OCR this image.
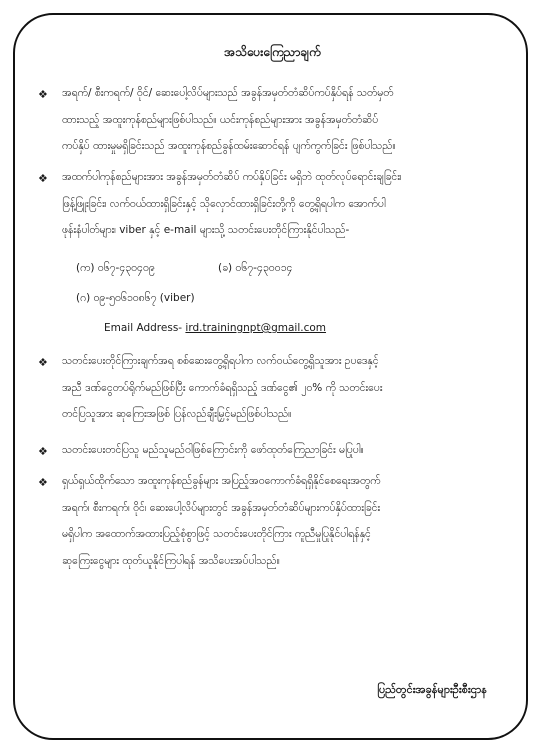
အသိပေးကြေညာချက်
❖ အရက်/ စီးကရက်/ ဝိုင်/ ဆေးပေါ့လိပ်များသည် အခွန်အမှတ်တံဆိပ်ကပ်နှိပ်ရန် သတ်မှတ်
ထားသည့် အထူးကုန်စည်များဖြစ်ပါသည်။ ယင်းကုန်စည်များအား အခွန်အမှတ်တံဆိပ်
ကပ်နှိပ် ထားမှုမရှိခြင်းသည် အထူးကုန်စည်ခွန်ထမ်းဆောင်ရန် ပျက်ကွက်ခြင်း ဖြစ်ပါသည်။
❖ အထက်ပါကုန်စည်များအား အခွန်အမှတ်တံဆိပ် ကပ်နှိပ်ခြင်း မရှိဘဲ ထုတ်လုပ်ရောင်းချခြင်း၊
ဖြန့်ဖြူးခြင်း၊ လက်ဝယ်ထားရှိခြင်းနှင့် သိုလှောင်ထားရှိခြင်းတို့ကို တွေ့ရှိရပါက အောက်ပါ
ဖုန်းနံပါတ်များ၊ viber နှင့် e-mail များသို့ သတင်းပေးတိုင်ကြားနိုင်ပါသည်-
(က) ၀၆၇-၄၃၀၄၀၉	(ခ) ၀၆၇-၄၃၀၀၁၄
(ဂ) ၀၉-၅၀၆၁၀၈၆၇ (viber)
Email Address- ird.trainingnpt@gmail.com
❖ သတင်းပေးတိုင်ကြားချက်အရ စစ်ဆေးတွေ့ရှိရပါက လက်ဝယ်တွေ့ရှိသူအား ဥပဒေနှင့်
အညီ ဒဏ်ငွေတပ်ရိုက်မည်ဖြစ်ပြီး ကောက်ခံရရှိသည့် ဒဏ်ငွေ၏ ၂၀% ကို သတင်းပေး
တင်ပြသူအား ဆုကြေးအဖြစ် ပြန်လည်ချီးမြှင့်မည်ဖြစ်ပါသည်။
❖ သတင်းပေးတင်ပြသူ မည်သူမည်ဝါဖြစ်ကြောင်းကို ဖော်ထုတ်ကြေညာခြင်း မပြုပါ။
❖ ရှယ်ရှယ်ထိုက်သော အထူးကုန်စည်ခွန်များ အပြည့်အဝကောက်ခံရရှိနိုင်စေရေးအတွက်
အရက်၊ စီးကရက်၊ ဝိုင်၊ ဆေးပေါ့လိပ်များတွင် အခွန်အမှတ်တံဆိပ်များကပ်နှိပ်ထားခြင်း
မရှိပါက အထောက်အထားပြည့်စုံစွာဖြင့် သတင်းပေးတိုင်ကြား ကူညီမှုပြုနိုင်ပါရန်နှင့်
ဆုကြေးငွေများ ထုတ်ယူနိုင်ကြပါရန် အသိပေးအပ်ပါသည်။
ပြည်တွင်းအခွန်များဦးစီးဌာန
